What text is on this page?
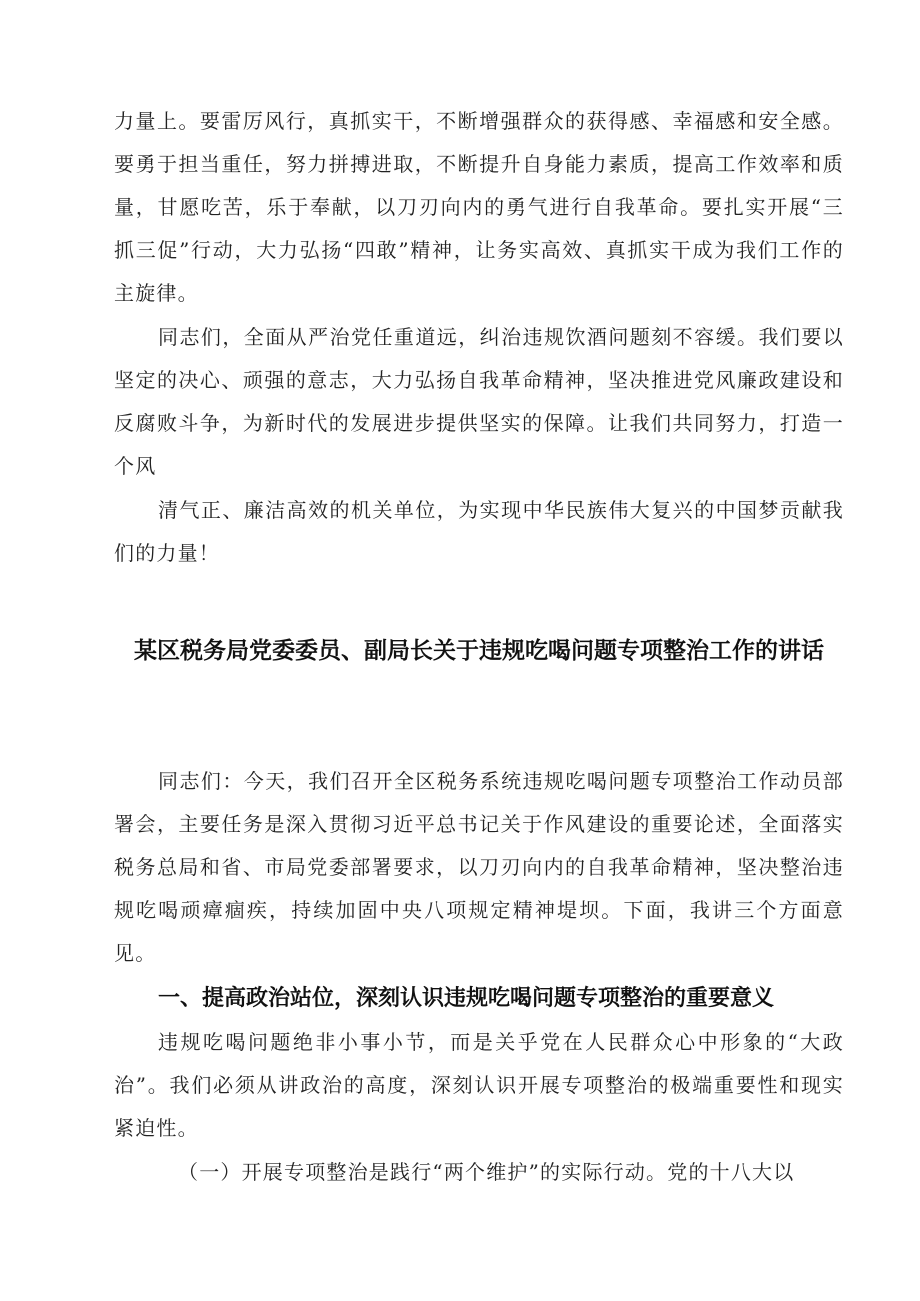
力量上。要雷厉风行，真抓实干，不断增强群众的获得感、幸福感和安全感。要勇于担当重任，努力拼搏进取，不断提升自身能力素质，提高工作效率和质量，甘愿吃苦，乐于奉献，以刀刃向内的勇气进行自我革命。要扎实开展“三抓三促”行动，大力弘扬“四敢”精神，让务实高效、真抓实干成为我们工作的主旋律。

同志们，全面从严治党任重道远，纠治违规饮酒问题刻不容缓。我们要以坚定的决心、顽强的意志，大力弘扬自我革命精神，坚决推进党风廉政建设和反腐败斗争，为新时代的发展进步提供坚实的保障。让我们共同努力，打造一个风

清气正、廉洁高效的机关单位，为实现中华民族伟大复兴的中国梦贡献我们的力量！

某区税务局党委委员、副局长关于违规吃喝问题专项整治工作的讲话

同志们：今天，我们召开全区税务系统违规吃喝问题专项整治工作动员部署会，主要任务是深入贯彻习近平总书记关于作风建设的重要论述，全面落实税务总局和省、市局党委部署要求，以刀刃向内的自我革命精神，坚决整治违规吃喝顽瘴痼疾，持续加固中央八项规定精神堤坝。下面，我讲三个方面意见。

一、提高政治站位，深刻认识违规吃喝问题专项整治的重要意义

违规吃喝问题绝非小事小节，而是关乎党在人民群众心中形象的“大政治”。我们必须从讲政治的高度，深刻认识开展专项整治的极端重要性和现实紧迫性。

（一）开展专项整治是践行“两个维护”的实际行动。党的十八大以
